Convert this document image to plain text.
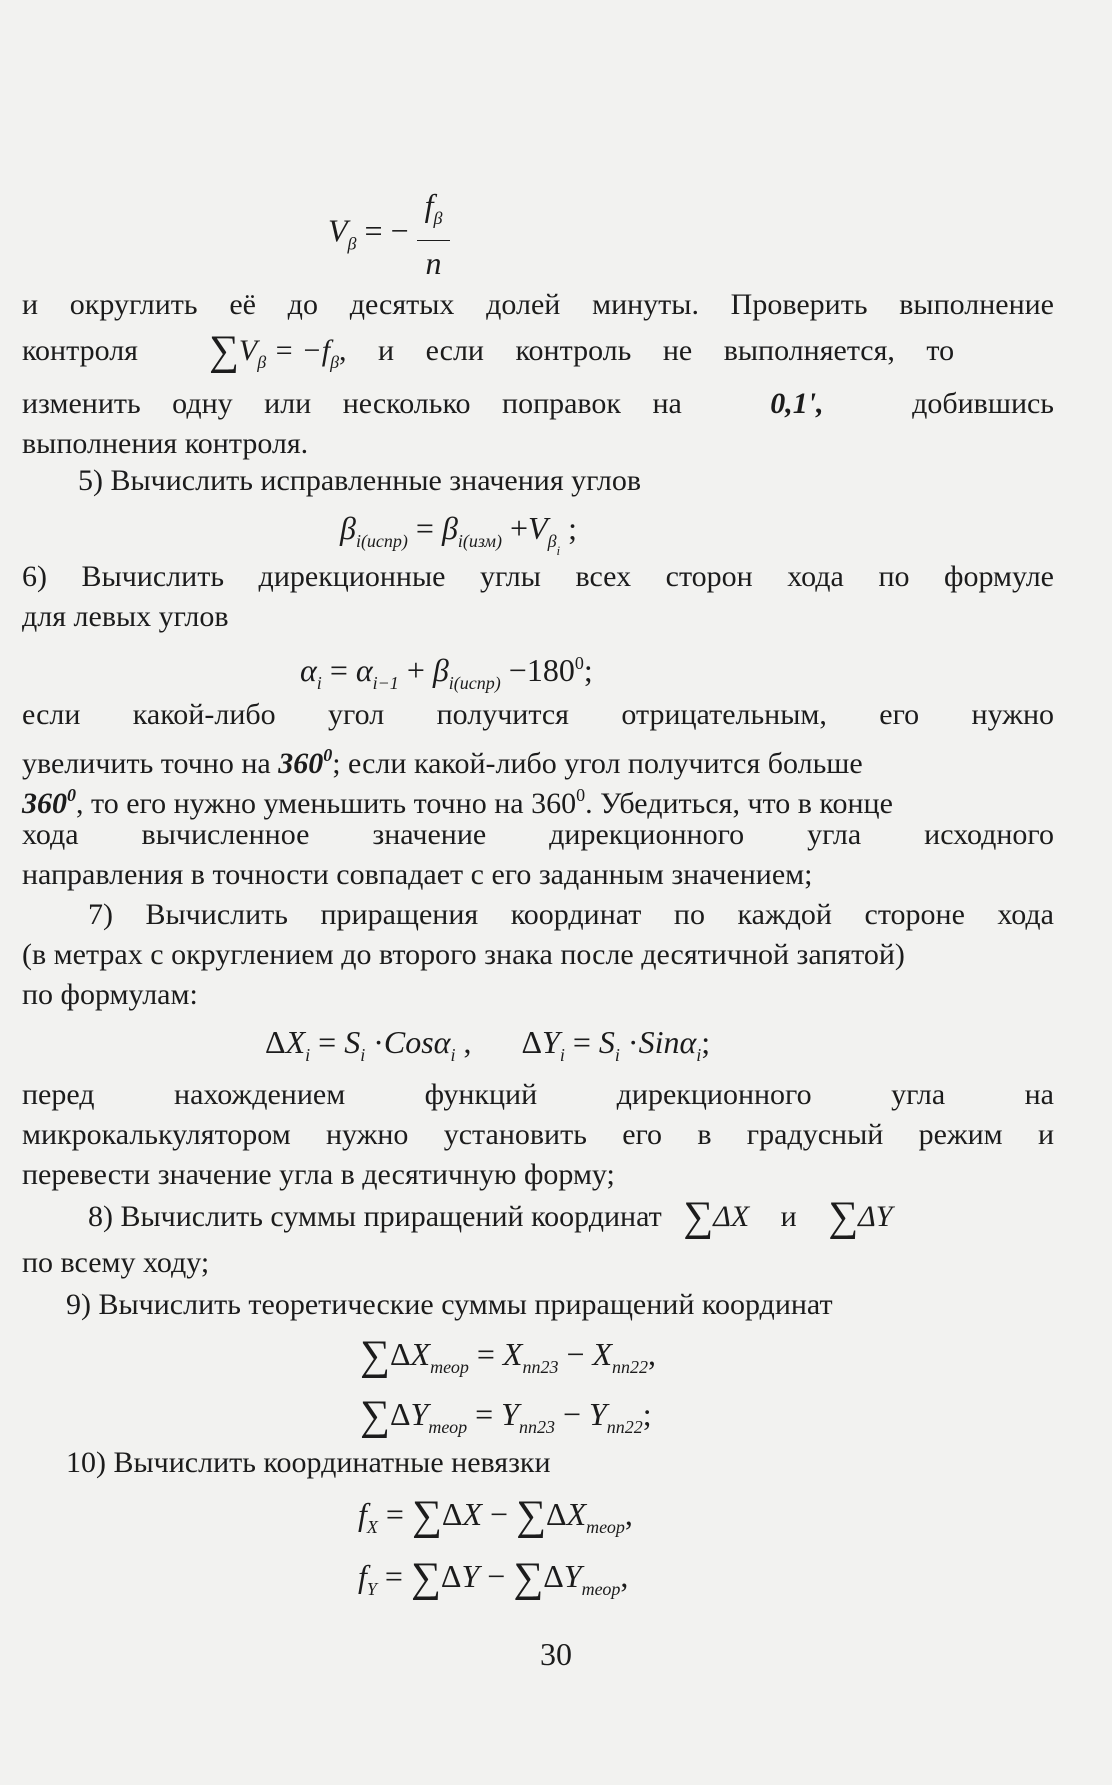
$V_\beta$ = − $\frac{f_\beta}{n}$
и округлить её до десятых долей минуты. Проверить выполнение
контроля $\sum V_\beta = -f_\beta$, и если контроль не выполняется, то
изменить одну или несколько поправок на	0,1',	добившись
выполнения контроля.
5) Вычислить исправленные значения углов
$\beta_{i(испр)} = \beta_{i(изм)} +V_{\beta_i}$ ;
6) Вычислить дирекционные углы всех сторон хода по формуле
для левых углов
$\alpha_i = \alpha_{i-1} + \beta_{i(испр)} -180^0$;
если какой-либо угол получится отрицательным, его нужно
увеличить точно на $360^0$; если какой-либо угол получится больше
$360^0$, то его нужно уменьшить точно на $360^0$. Убедиться, что в конце
хода вычисленное значение дирекционного угла исходного
направления в точности совпадает с его заданным значением;
7) Вычислить приращения координат по каждой стороне хода
(в метрах с округлением до второго знака после десятичной запятой)
по формулам:
$\Delta X_i = S_i \cdot Cos\alpha_i$ , $\Delta Y_i = S_i \cdot Sin\alpha_i$;
перед нахождением функций дирекционного угла на
микрокалькулятором нужно установить его в градусный режим и
перевести значение угла в десятичную форму;
8) Вычислить суммы приращений координат ∑ΔX и ∑ΔY
по всему ходу;
9) Вычислить теоретические суммы приращений координат
$\sum\Delta X_{теор} = X_{пп23} - X_{пп22}$,
$\sum\Delta Y_{теор} = Y_{пп23} - Y_{пп22}$;
10) Вычислить координатные невязки
$f_X = \sum\Delta X - \sum\Delta X_{теор}$,
$f_Y = \sum\Delta Y - \sum\Delta Y_{теор}$,
30
